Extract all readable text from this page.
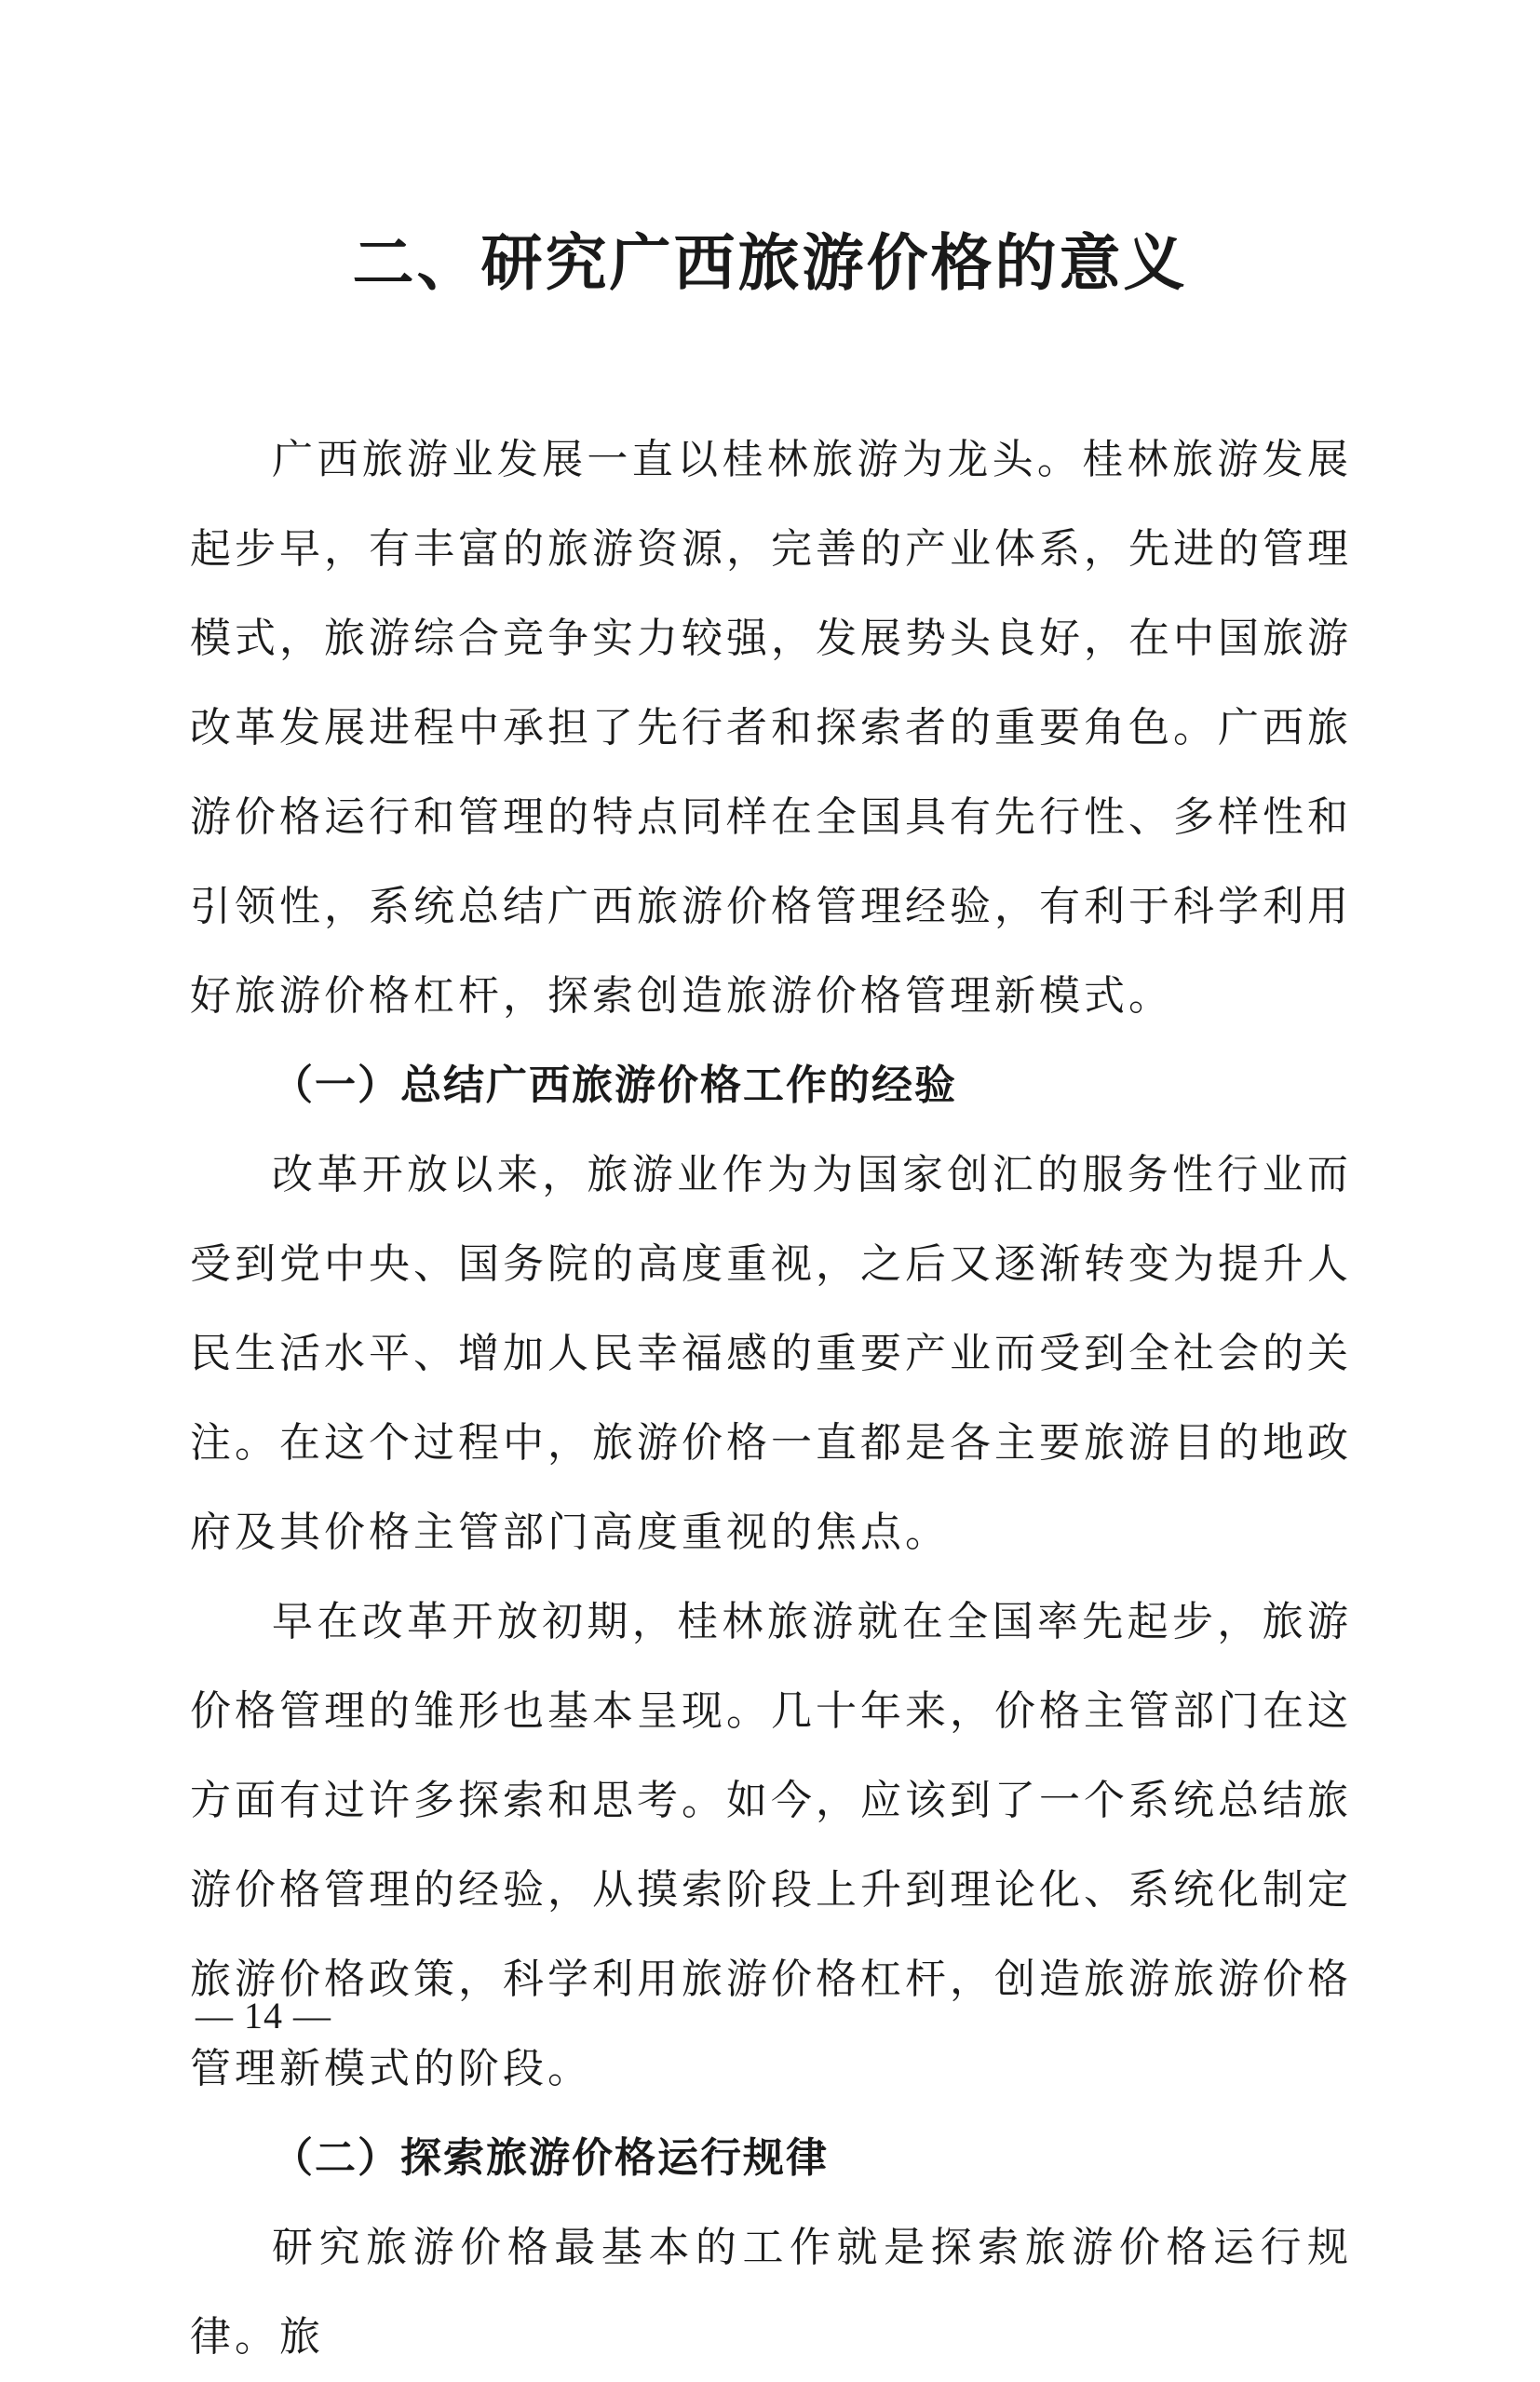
二、研究广西旅游价格的意义

广西旅游业发展一直以桂林旅游为龙头。桂林旅游发展起步早，有丰富的旅游资源，完善的产业体系，先进的管理模式，旅游综合竞争实力较强，发展势头良好，在中国旅游改革发展进程中承担了先行者和探索者的重要角色。广西旅游价格运行和管理的特点同样在全国具有先行性、多样性和引领性，系统总结广西旅游价格管理经验，有利于科学利用好旅游价格杠杆，探索创造旅游价格管理新模式。

（一）总结广西旅游价格工作的经验

改革开放以来，旅游业作为为国家创汇的服务性行业而受到党中央、国务院的高度重视，之后又逐渐转变为提升人民生活水平、增加人民幸福感的重要产业而受到全社会的关注。在这个过程中，旅游价格一直都是各主要旅游目的地政府及其价格主管部门高度重视的焦点。

早在改革开放初期，桂林旅游就在全国率先起步，旅游价格管理的雏形也基本呈现。几十年来，价格主管部门在这方面有过许多探索和思考。如今，应该到了一个系统总结旅游价格管理的经验，从摸索阶段上升到理论化、系统化制定旅游价格政策，科学利用旅游价格杠杆，创造旅游旅游价格管理新模式的阶段。

（二）探索旅游价格运行规律

研究旅游价格最基本的工作就是探索旅游价格运行规律。旅

— 14 —
